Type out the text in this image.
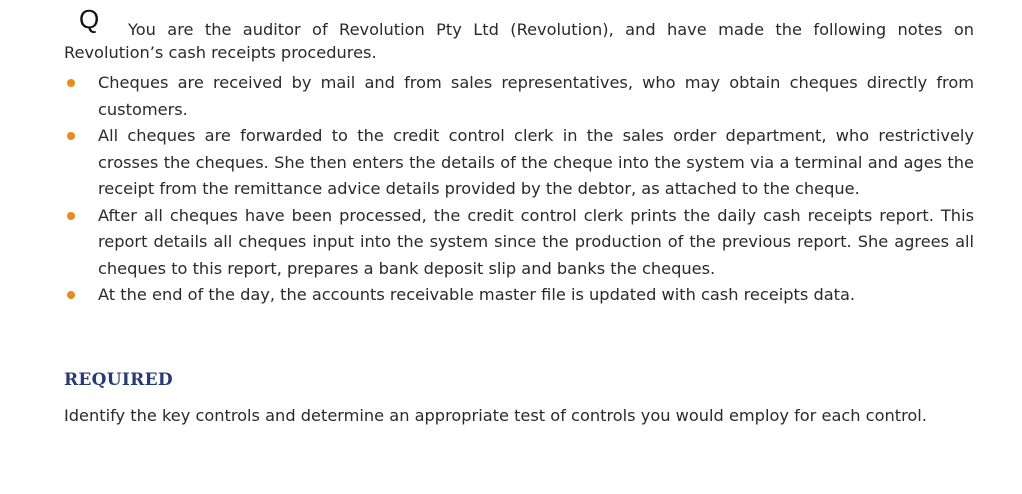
Q	You are the auditor of Revolution Pty Ltd (Revolution), and have made the following notes on Revolution’s cash receipts procedures.

Cheques are received by mail and from sales representatives, who may obtain cheques directly from customers.
All cheques are forwarded to the credit control clerk in the sales order department, who restrictively crosses the cheques. She then enters the details of the cheque into the system via a terminal and ages the receipt from the remittance advice details provided by the debtor, as attached to the cheque.
After all cheques have been processed, the credit control clerk prints the daily cash receipts report. This report details all cheques input into the system since the production of the previous report. She agrees all cheques to this report, prepares a bank deposit slip and banks the cheques.
At the end of the day, the accounts receivable master file is updated with cash receipts data.
REQUIRED

Identify the key controls and determine an appropriate test of controls you would employ for each control.
